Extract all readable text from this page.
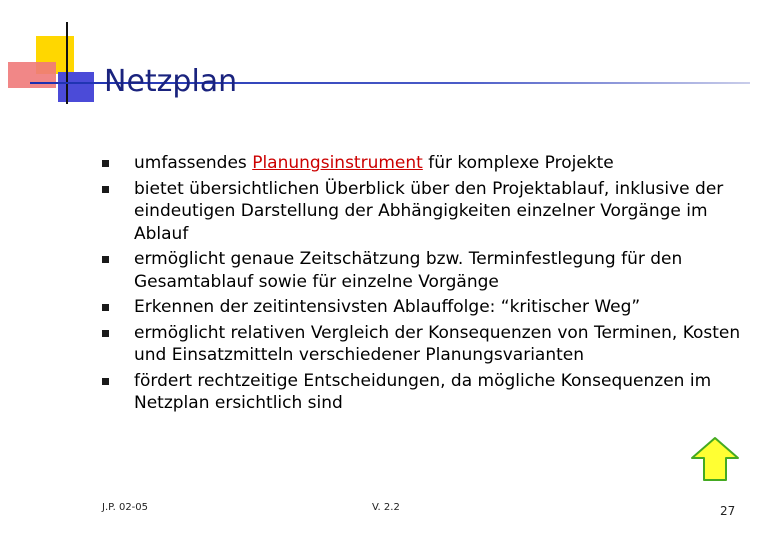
Netzplan
umfassendes Planungsinstrument für komplexe Projekte
bietet übersichtlichen Überblick über den Projektablauf, inklusive der eindeutigen Darstellung der Abhängigkeiten einzelner Vorgänge im Ablauf
ermöglicht genaue Zeitschätzung bzw. Terminfestlegung für den Gesamtablauf sowie für einzelne Vorgänge
Erkennen der zeitintensivsten Ablauffolge: “kritischer Weg”
ermöglicht relativen Vergleich der Konsequenzen von Terminen, Kosten und Einsatzmitteln verschiedener Planungsvarianten
fördert rechtzeitige Entscheidungen, da mögliche Konsequenzen im Netzplan ersichtlich sind
J.P. 02-05	V. 2.2	27
